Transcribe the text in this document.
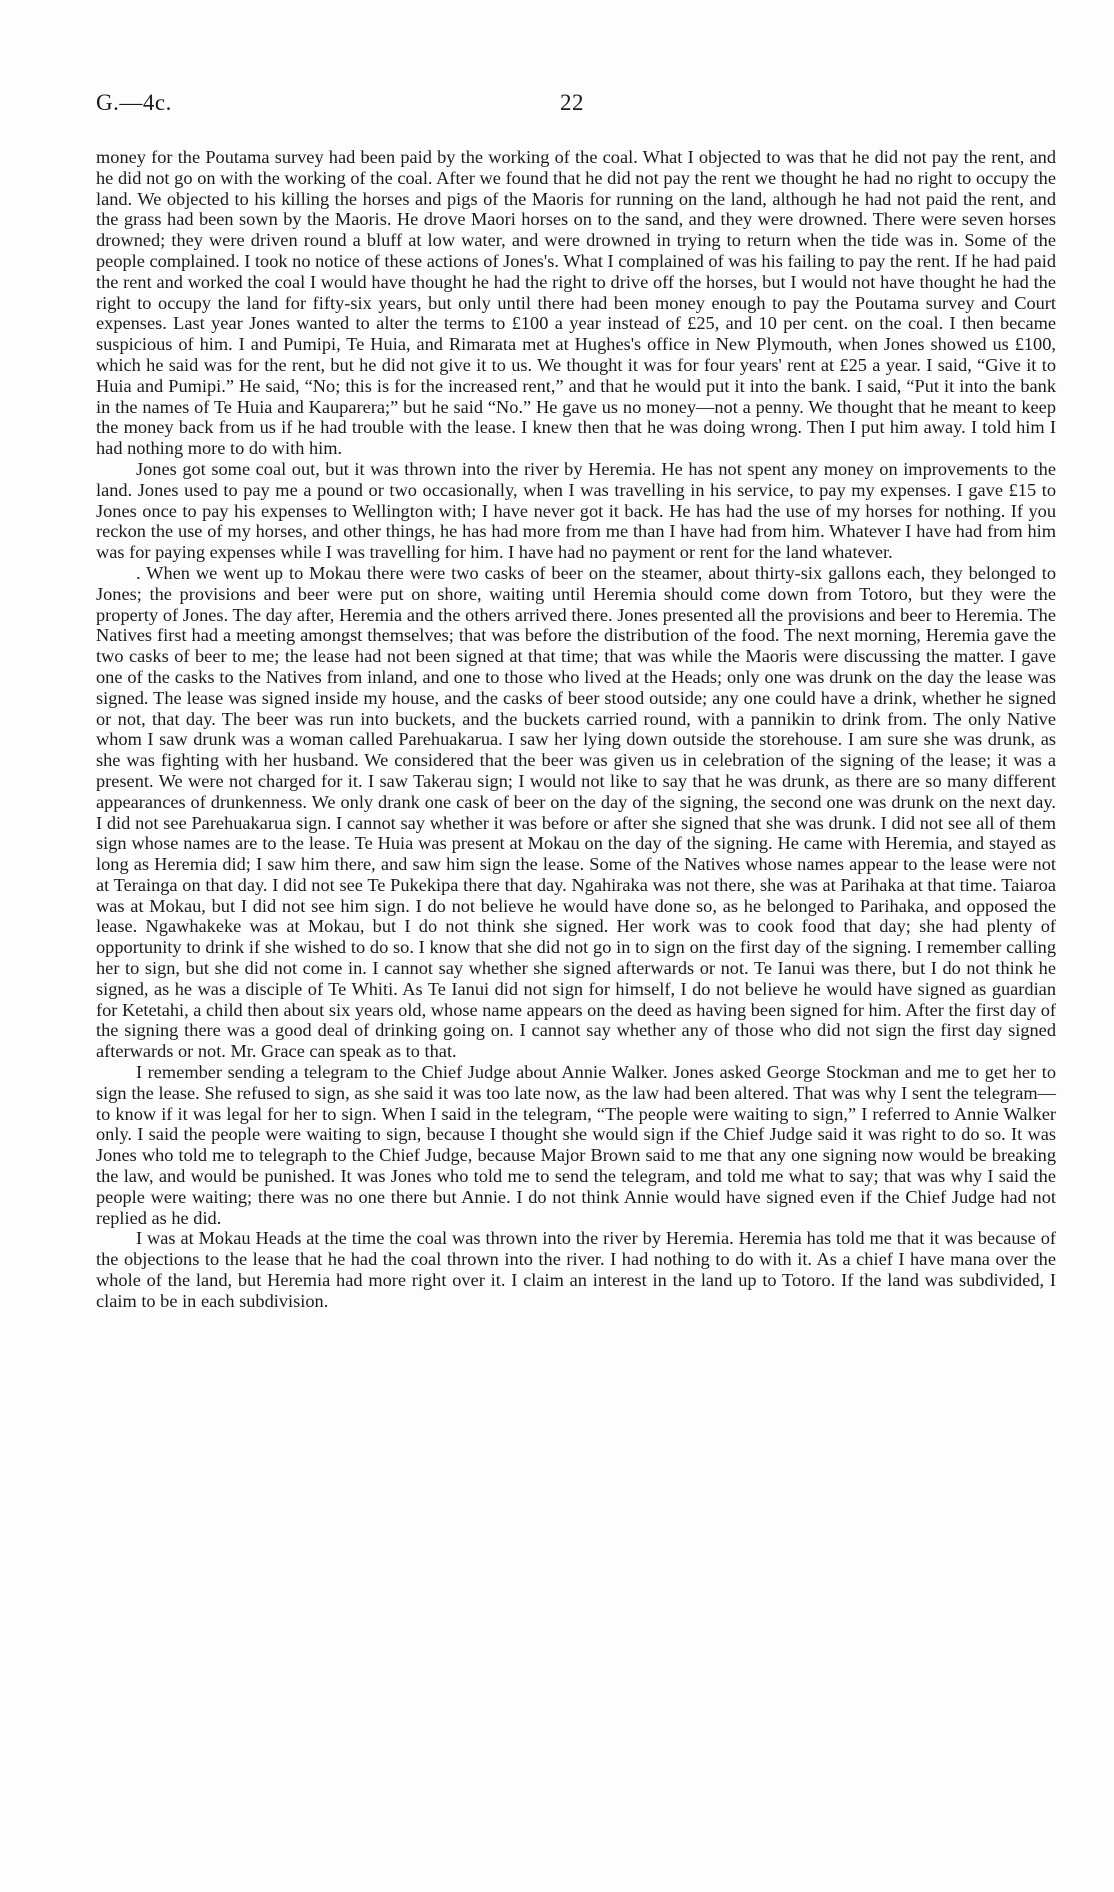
G.—4c.	22

money for the Poutama survey had been paid by the working of the coal. What I objected to was that he did not pay the rent, and he did not go on with the working of the coal. After we found that he did not pay the rent we thought he had no right to occupy the land. We objected to his killing the horses and pigs of the Maoris for running on the land, although he had not paid the rent, and the grass had been sown by the Maoris. He drove Maori horses on to the sand, and they were drowned. There were seven horses drowned; they were driven round a bluff at low water, and were drowned in trying to return when the tide was in. Some of the people complained. I took no notice of these actions of Jones's. What I complained of was his failing to pay the rent. If he had paid the rent and worked the coal I would have thought he had the right to drive off the horses, but I would not have thought he had the right to occupy the land for fifty-six years, but only until there had been money enough to pay the Poutama survey and Court expenses. Last year Jones wanted to alter the terms to £100 a year instead of £25, and 10 per cent. on the coal. I then became suspicious of him. I and Pumipi, Te Huia, and Rimarata met at Hughes's office in New Plymouth, when Jones showed us £100, which he said was for the rent, but he did not give it to us. We thought it was for four years' rent at £25 a year. I said, “Give it to Huia and Pumipi.” He said, “No; this is for the increased rent,” and that he would put it into the bank. I said, “Put it into the bank in the names of Te Huia and Kauparera;” but he said “No.” He gave us no money—not a penny. We thought that he meant to keep the money back from us if he had trouble with the lease. I knew then that he was doing wrong. Then I put him away. I told him I had nothing more to do with him.

Jones got some coal out, but it was thrown into the river by Heremia. He has not spent any money on improvements to the land. Jones used to pay me a pound or two occasionally, when I was travelling in his service, to pay my expenses. I gave £15 to Jones once to pay his expenses to Wellington with; I have never got it back. He has had the use of my horses for nothing. If you reckon the use of my horses, and other things, he has had more from me than I have had from him. Whatever I have had from him was for paying expenses while I was travelling for him. I have had no payment or rent for the land whatever.

. When we went up to Mokau there were two casks of beer on the steamer, about thirty-six gallons each, they belonged to Jones; the provisions and beer were put on shore, waiting until Heremia should come down from Totoro, but they were the property of Jones. The day after, Heremia and the others arrived there. Jones presented all the provisions and beer to Heremia. The Natives first had a meeting amongst themselves; that was before the distribution of the food. The next morning, Heremia gave the two casks of beer to me; the lease had not been signed at that time; that was while the Maoris were discussing the matter. I gave one of the casks to the Natives from inland, and one to those who lived at the Heads; only one was drunk on the day the lease was signed. The lease was signed inside my house, and the casks of beer stood outside; any one could have a drink, whether he signed or not, that day. The beer was run into buckets, and the buckets carried round, with a pannikin to drink from. The only Native whom I saw drunk was a woman called Parehuakarua. I saw her lying down outside the storehouse. I am sure she was drunk, as she was fighting with her husband. We considered that the beer was given us in celebration of the signing of the lease; it was a present. We were not charged for it. I saw Takerau sign; I would not like to say that he was drunk, as there are so many different appearances of drunkenness. We only drank one cask of beer on the day of the signing, the second one was drunk on the next day. I did not see Parehuakarua sign. I cannot say whether it was before or after she signed that she was drunk. I did not see all of them sign whose names are to the lease. Te Huia was present at Mokau on the day of the signing. He came with Heremia, and stayed as long as Heremia did; I saw him there, and saw him sign the lease. Some of the Natives whose names appear to the lease were not at Terainga on that day. I did not see Te Pukekipa there that day. Ngahiraka was not there, she was at Parihaka at that time. Taiaroa was at Mokau, but I did not see him sign. I do not believe he would have done so, as he belonged to Parihaka, and opposed the lease. Ngawhakeke was at Mokau, but I do not think she signed. Her work was to cook food that day; she had plenty of opportunity to drink if she wished to do so. I know that she did not go in to sign on the first day of the signing. I remember calling her to sign, but she did not come in. I cannot say whether she signed afterwards or not. Te Ianui was there, but I do not think he signed, as he was a disciple of Te Whiti. As Te Ianui did not sign for himself, I do not believe he would have signed as guardian for Ketetahi, a child then about six years old, whose name appears on the deed as having been signed for him. After the first day of the signing there was a good deal of drinking going on. I cannot say whether any of those who did not sign the first day signed afterwards or not. Mr. Grace can speak as to that.

I remember sending a telegram to the Chief Judge about Annie Walker. Jones asked George Stockman and me to get her to sign the lease. She refused to sign, as she said it was too late now, as the law had been altered. That was why I sent the telegram—to know if it was legal for her to sign. When I said in the telegram, “The people were waiting to sign,” I referred to Annie Walker only. I said the people were waiting to sign, because I thought she would sign if the Chief Judge said it was right to do so. It was Jones who told me to telegraph to the Chief Judge, because Major Brown said to me that any one signing now would be breaking the law, and would be punished. It was Jones who told me to send the telegram, and told me what to say; that was why I said the people were waiting; there was no one there but Annie. I do not think Annie would have signed even if the Chief Judge had not replied as he did.

I was at Mokau Heads at the time the coal was thrown into the river by Heremia. Heremia has told me that it was because of the objections to the lease that he had the coal thrown into the river. I had nothing to do with it. As a chief I have mana over the whole of the land, but Heremia had more right over it. I claim an interest in the land up to Totoro. If the land was subdivided, I claim to be in each subdivision.
